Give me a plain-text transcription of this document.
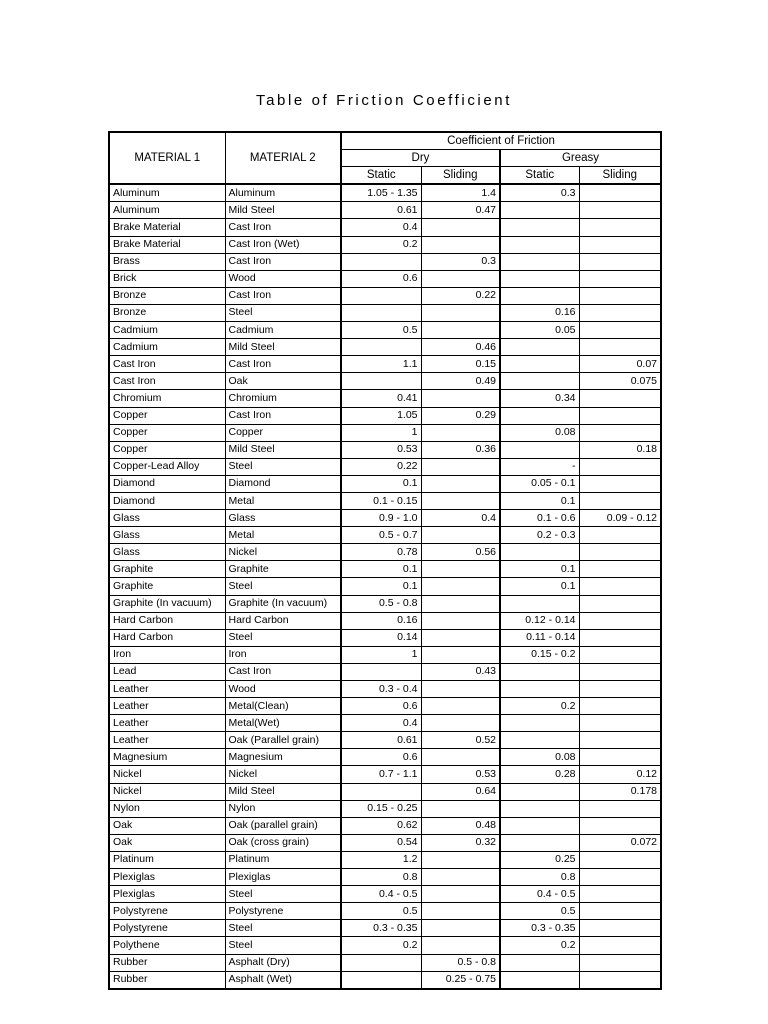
Table of Friction Coefficient
MATERIAL 1	MATERIAL 2	Coefficient of Friction			
		Dry		Greasy	
		Static	Sliding	Static	Sliding
Aluminum	Aluminum	1.05 - 1.35	1.4	0.3	
Aluminum	Mild Steel	0.61	0.47		
Brake Material	Cast Iron	0.4			
Brake Material	Cast Iron (Wet)	0.2			
Brass	Cast Iron		0.3		
Brick	Wood	0.6			
Bronze	Cast Iron		0.22		
Bronze	Steel			0.16	
Cadmium	Cadmium	0.5		0.05	
Cadmium	Mild Steel		0.46		
Cast Iron	Cast Iron	1.1	0.15		0.07
Cast Iron	Oak		0.49		0.075
Chromium	Chromium	0.41		0.34	
Copper	Cast Iron	1.05	0.29		
Copper	Copper	1		0.08	
Copper	Mild Steel	0.53	0.36		0.18
Copper-Lead Alloy	Steel	0.22		-	
Diamond	Diamond	0.1		0.05 - 0.1	
Diamond	Metal	0.1 - 0.15		0.1	
Glass	Glass	0.9 - 1.0	0.4	0.1 - 0.6	0.09 - 0.12
Glass	Metal	0.5 - 0.7		0.2 - 0.3	
Glass	Nickel	0.78	0.56		
Graphite	Graphite	0.1		0.1	
Graphite	Steel	0.1		0.1	
Graphite (In vacuum)	Graphite (In vacuum)	0.5 - 0.8			
Hard Carbon	Hard Carbon	0.16		0.12 - 0.14	
Hard Carbon	Steel	0.14		0.11 - 0.14	
Iron	Iron	1		0.15 - 0.2	
Lead	Cast Iron		0.43		
Leather	Wood	0.3 - 0.4			
Leather	Metal(Clean)	0.6		0.2	
Leather	Metal(Wet)	0.4			
Leather	Oak (Parallel grain)	0.61	0.52		
Magnesium	Magnesium	0.6		0.08	
Nickel	Nickel	0.7 - 1.1	0.53	0.28	0.12
Nickel	Mild Steel		0.64		0.178
Nylon	Nylon	0.15 - 0.25			
Oak	Oak (parallel grain)	0.62	0.48		
Oak	Oak (cross grain)	0.54	0.32		0.072
Platinum	Platinum	1.2		0.25	
Plexiglas	Plexiglas	0.8		0.8	
Plexiglas	Steel	0.4 - 0.5		0.4 - 0.5	
Polystyrene	Polystyrene	0.5		0.5	
Polystyrene	Steel	0.3 - 0.35		0.3 - 0.35	
Polythene	Steel	0.2		0.2	
Rubber	Asphalt (Dry)		0.5 - 0.8		
Rubber	Asphalt (Wet)		0.25 - 0.75		
